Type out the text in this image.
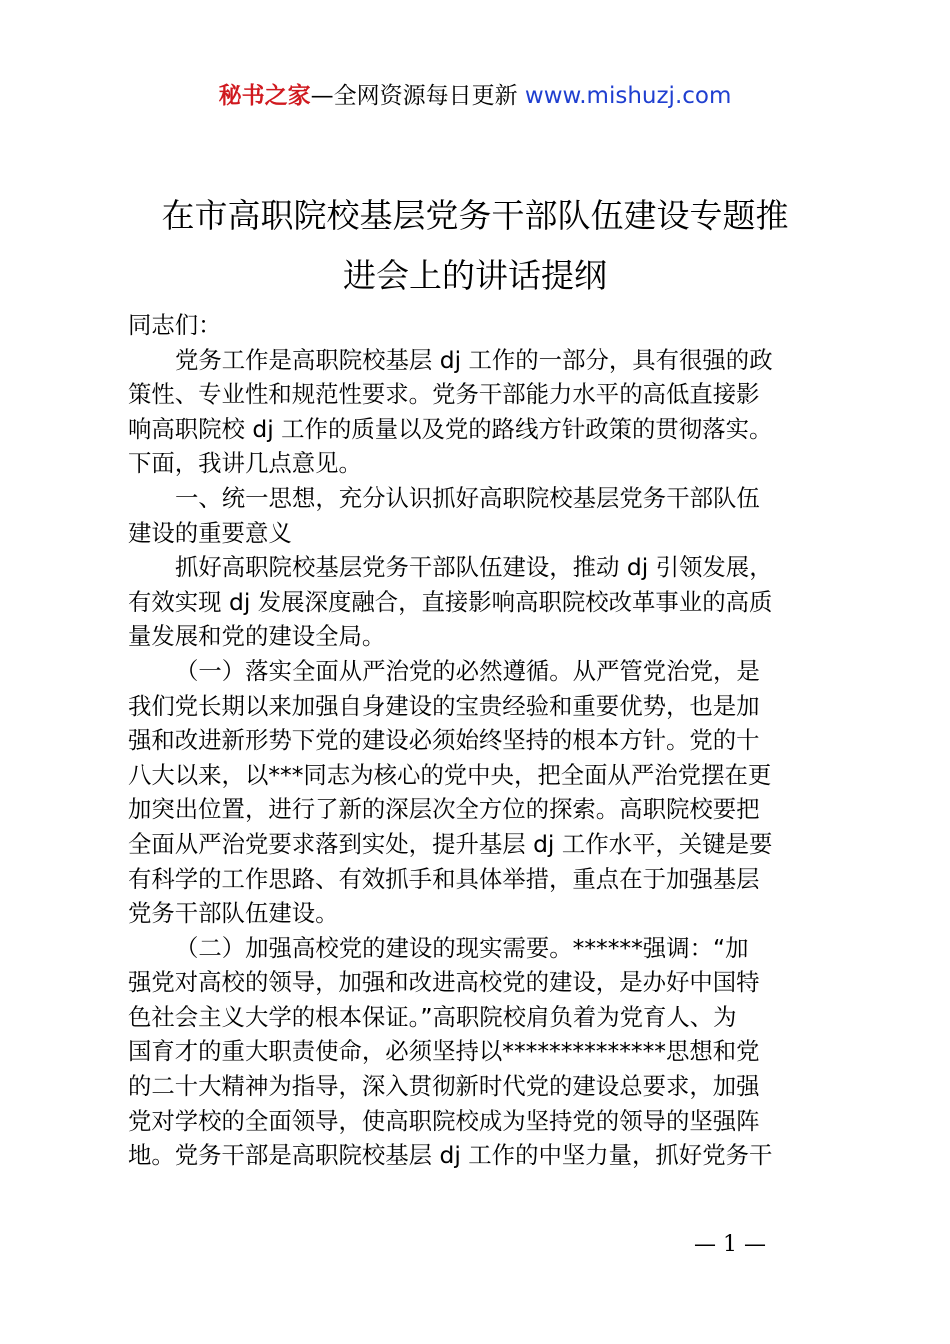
秘书之家—全网资源每日更新 www.mishuzj.com
在市高职院校基层党务干部队伍建设专题推
进会上的讲话提纲
同志们：
党务工作是高职院校基层 dj 工作的一部分，具有很强的政
策性、专业性和规范性要求。党务干部能力水平的高低直接影
响高职院校 dj 工作的质量以及党的路线方针政策的贯彻落实。
下面，我讲几点意见。
一、统一思想，充分认识抓好高职院校基层党务干部队伍
建设的重要意义
抓好高职院校基层党务干部队伍建设，推动 dj 引领发展，
有效实现 dj 发展深度融合，直接影响高职院校改革事业的高质
量发展和党的建设全局。
（一）落实全面从严治党的必然遵循。从严管党治党，是
我们党长期以来加强自身建设的宝贵经验和重要优势，也是加
强和改进新形势下党的建设必须始终坚持的根本方针。党的十
八大以来，以***同志为核心的党中央，把全面从严治党摆在更
加突出位置，进行了新的深层次全方位的探索。高职院校要把
全面从严治党要求落到实处，提升基层 dj 工作水平，关键是要
有科学的工作思路、有效抓手和具体举措，重点在于加强基层
党务干部队伍建设。
（二）加强高校党的建设的现实需要。******强调：“加
强党对高校的领导，加强和改进高校党的建设，是办好中国特
色社会主义大学的根本保证。”高职院校肩负着为党育人、为
国育才的重大职责使命，必须坚持以**************思想和党
的二十大精神为指导，深入贯彻新时代党的建设总要求，加强
党对学校的全面领导，使高职院校成为坚持党的领导的坚强阵
地。党务干部是高职院校基层 dj 工作的中坚力量，抓好党务干
— 1 —
